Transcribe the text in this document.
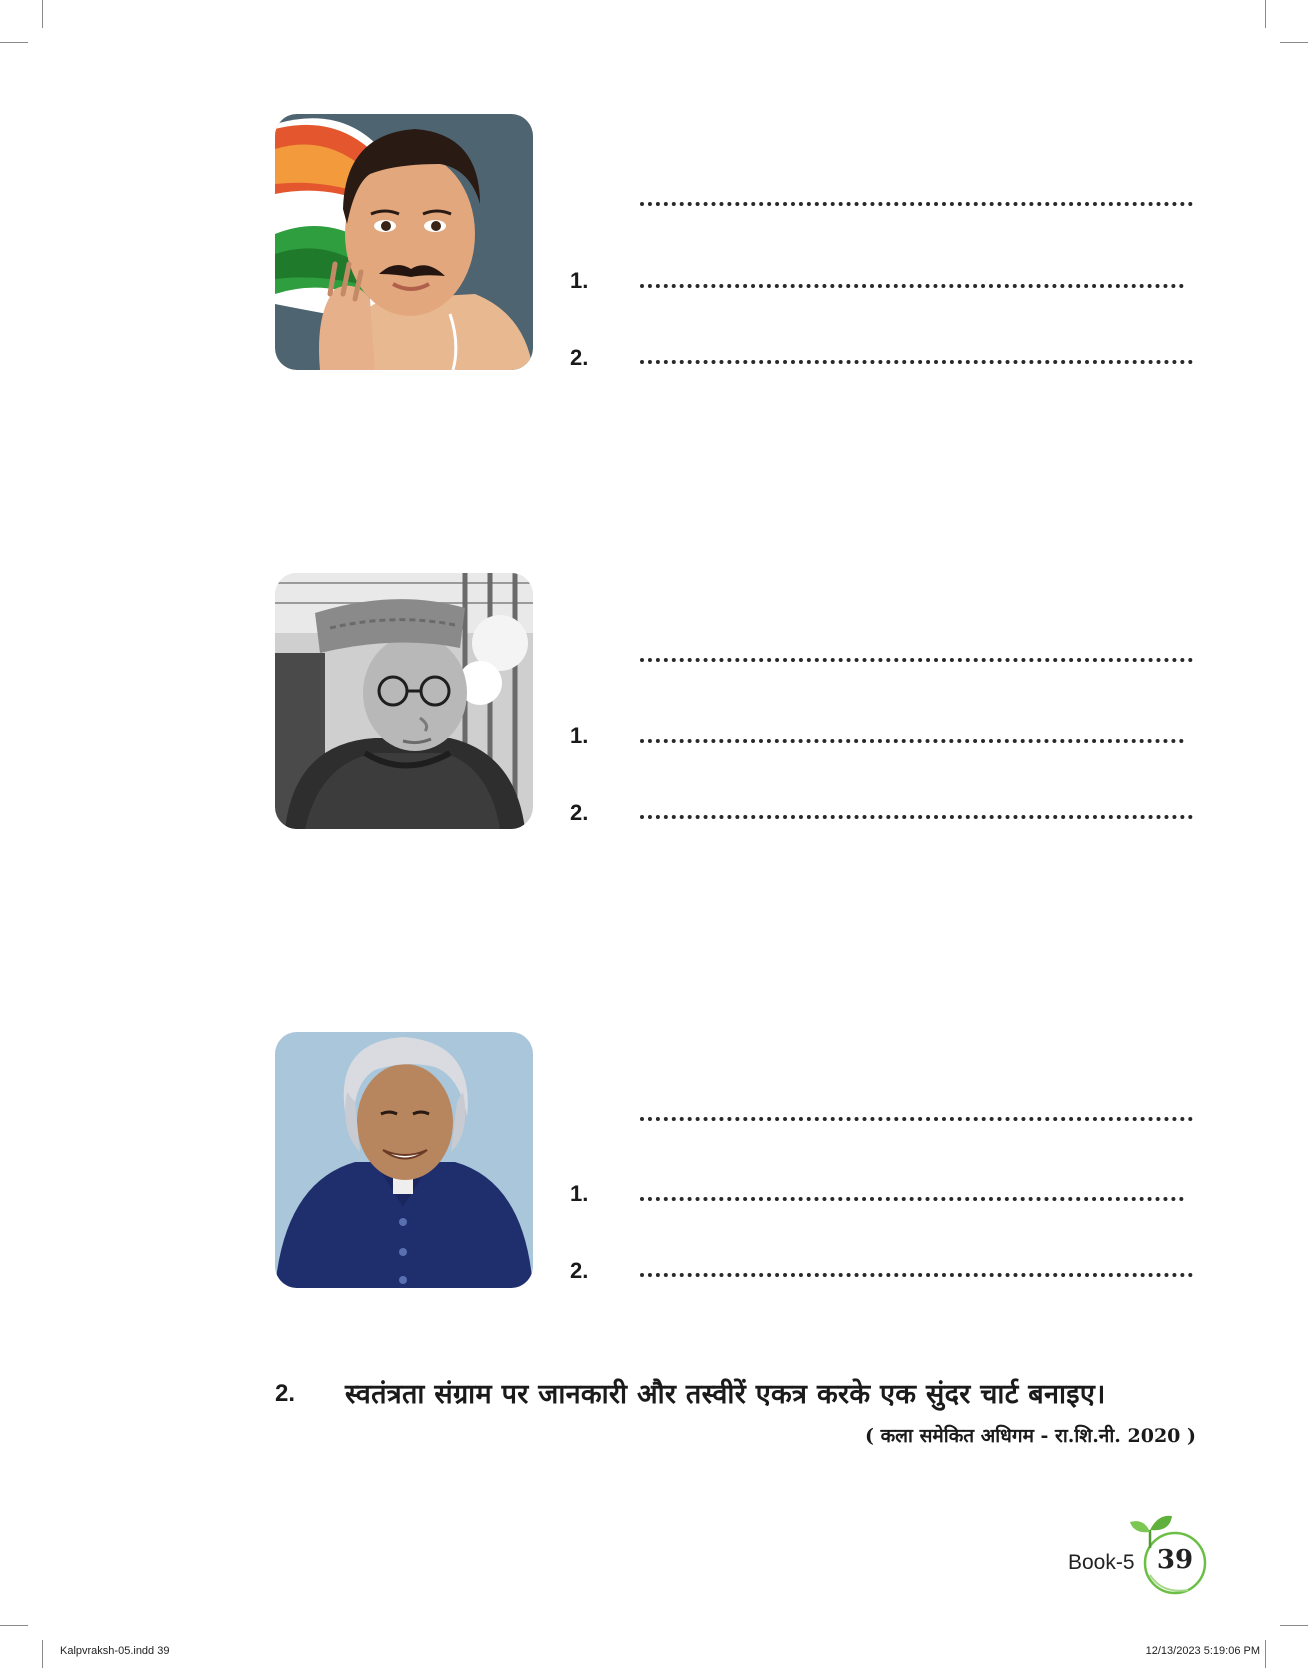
1.
2.
1.
2.
1.
2.
2. स्वतंत्रता संग्राम पर जानकारी और तस्वीरें एकत्र करके एक सुंदर चार्ट बनाइए।
( कला समेकित अधिगम - रा.शि.नी. 2020 )
Book-5 39
Kalpvraksh-05.indd 39	12/13/2023 5:19:06 PM
